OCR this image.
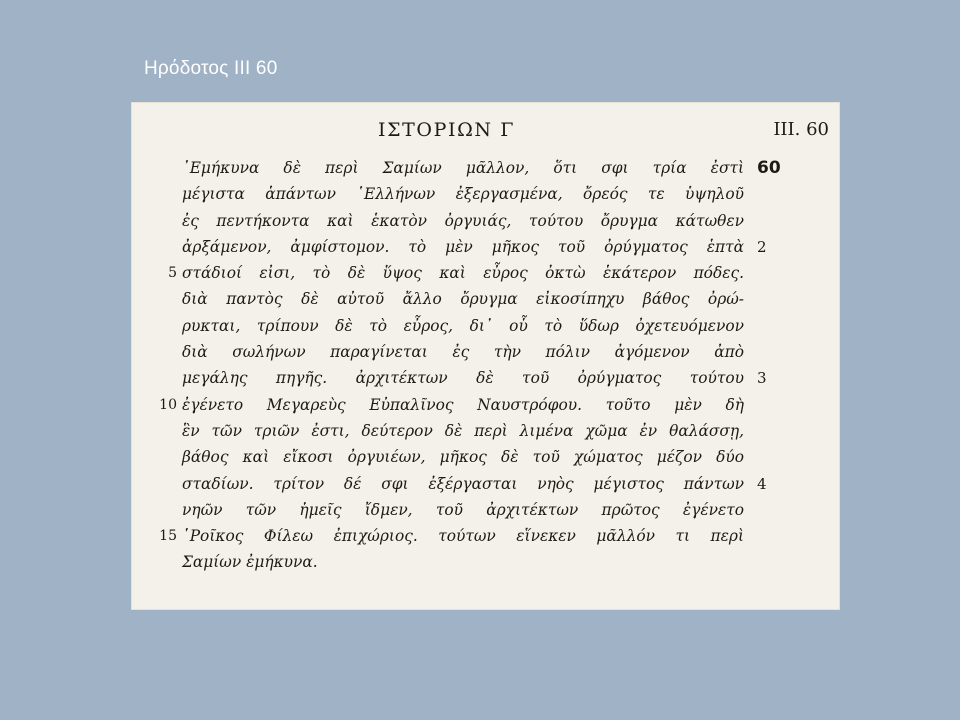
Ηρόδοτος III 60
ΙΣΤΟΡΙΩΝ Γ	III. 60
᾿Εμήκυνα δὲ περὶ Σαμίων μᾶλλον, ὅτι σφι τρία ἐστὶ 60
μέγιστα ἁπάντων ῾Ελλήνων ἐξεργασμένα, ὄρεός τε ὑψηλοῦ
ἐς πεντήκοντα καὶ ἑκατὸν ὀργυιάς, τούτου ὄρυγμα κάτωθεν
ἀρξάμενον, ἀμφίστομον. τὸ μὲν μῆκος τοῦ ὀρύγματος ἑπτὰ 2
5 στάδιοί εἰσι, τὸ δὲ ὕψος καὶ εὖρος ὀκτὼ ἑκάτερον πόδες.
διὰ παντὸς δὲ αὐτοῦ ἄλλο ὄρυγμα εἰκοσίπηχυ βάθος ὀρώ-
ρυκται, τρίπουν δὲ τὸ εὖρος, δι᾿ οὗ τὸ ὕδωρ ὀχετευόμενον
διὰ σωλήνων παραγίνεται ἐς τὴν πόλιν ἀγόμενον ἀπὸ
μεγάλης πηγῆς. ἀρχιτέκτων δὲ τοῦ ὀρύγματος τούτου 3
10 ἐγένετο Μεγαρεὺς Εὐπαλῖνος Ναυστρόφου. τοῦτο μὲν δὴ
ἓν τῶν τριῶν ἐστι, δεύτερον δὲ περὶ λιμένα χῶμα ἐν θαλάσσῃ,
βάθος καὶ εἴκοσι ὀργυιέων, μῆκος δὲ τοῦ χώματος μέζον δύο
σταδίων. τρίτον δέ σφι ἐξέργασται νηὸς μέγιστος πάντων 4
νηῶν τῶν ἡμεῖς ἴδμεν, τοῦ ἀρχιτέκτων πρῶτος ἐγένετο
15 ῾Ροῖκος Φίλεω ἐπιχώριος. τούτων εἵνεκεν μᾶλλόν τι περὶ
Σαμίων ἐμήκυνα.
